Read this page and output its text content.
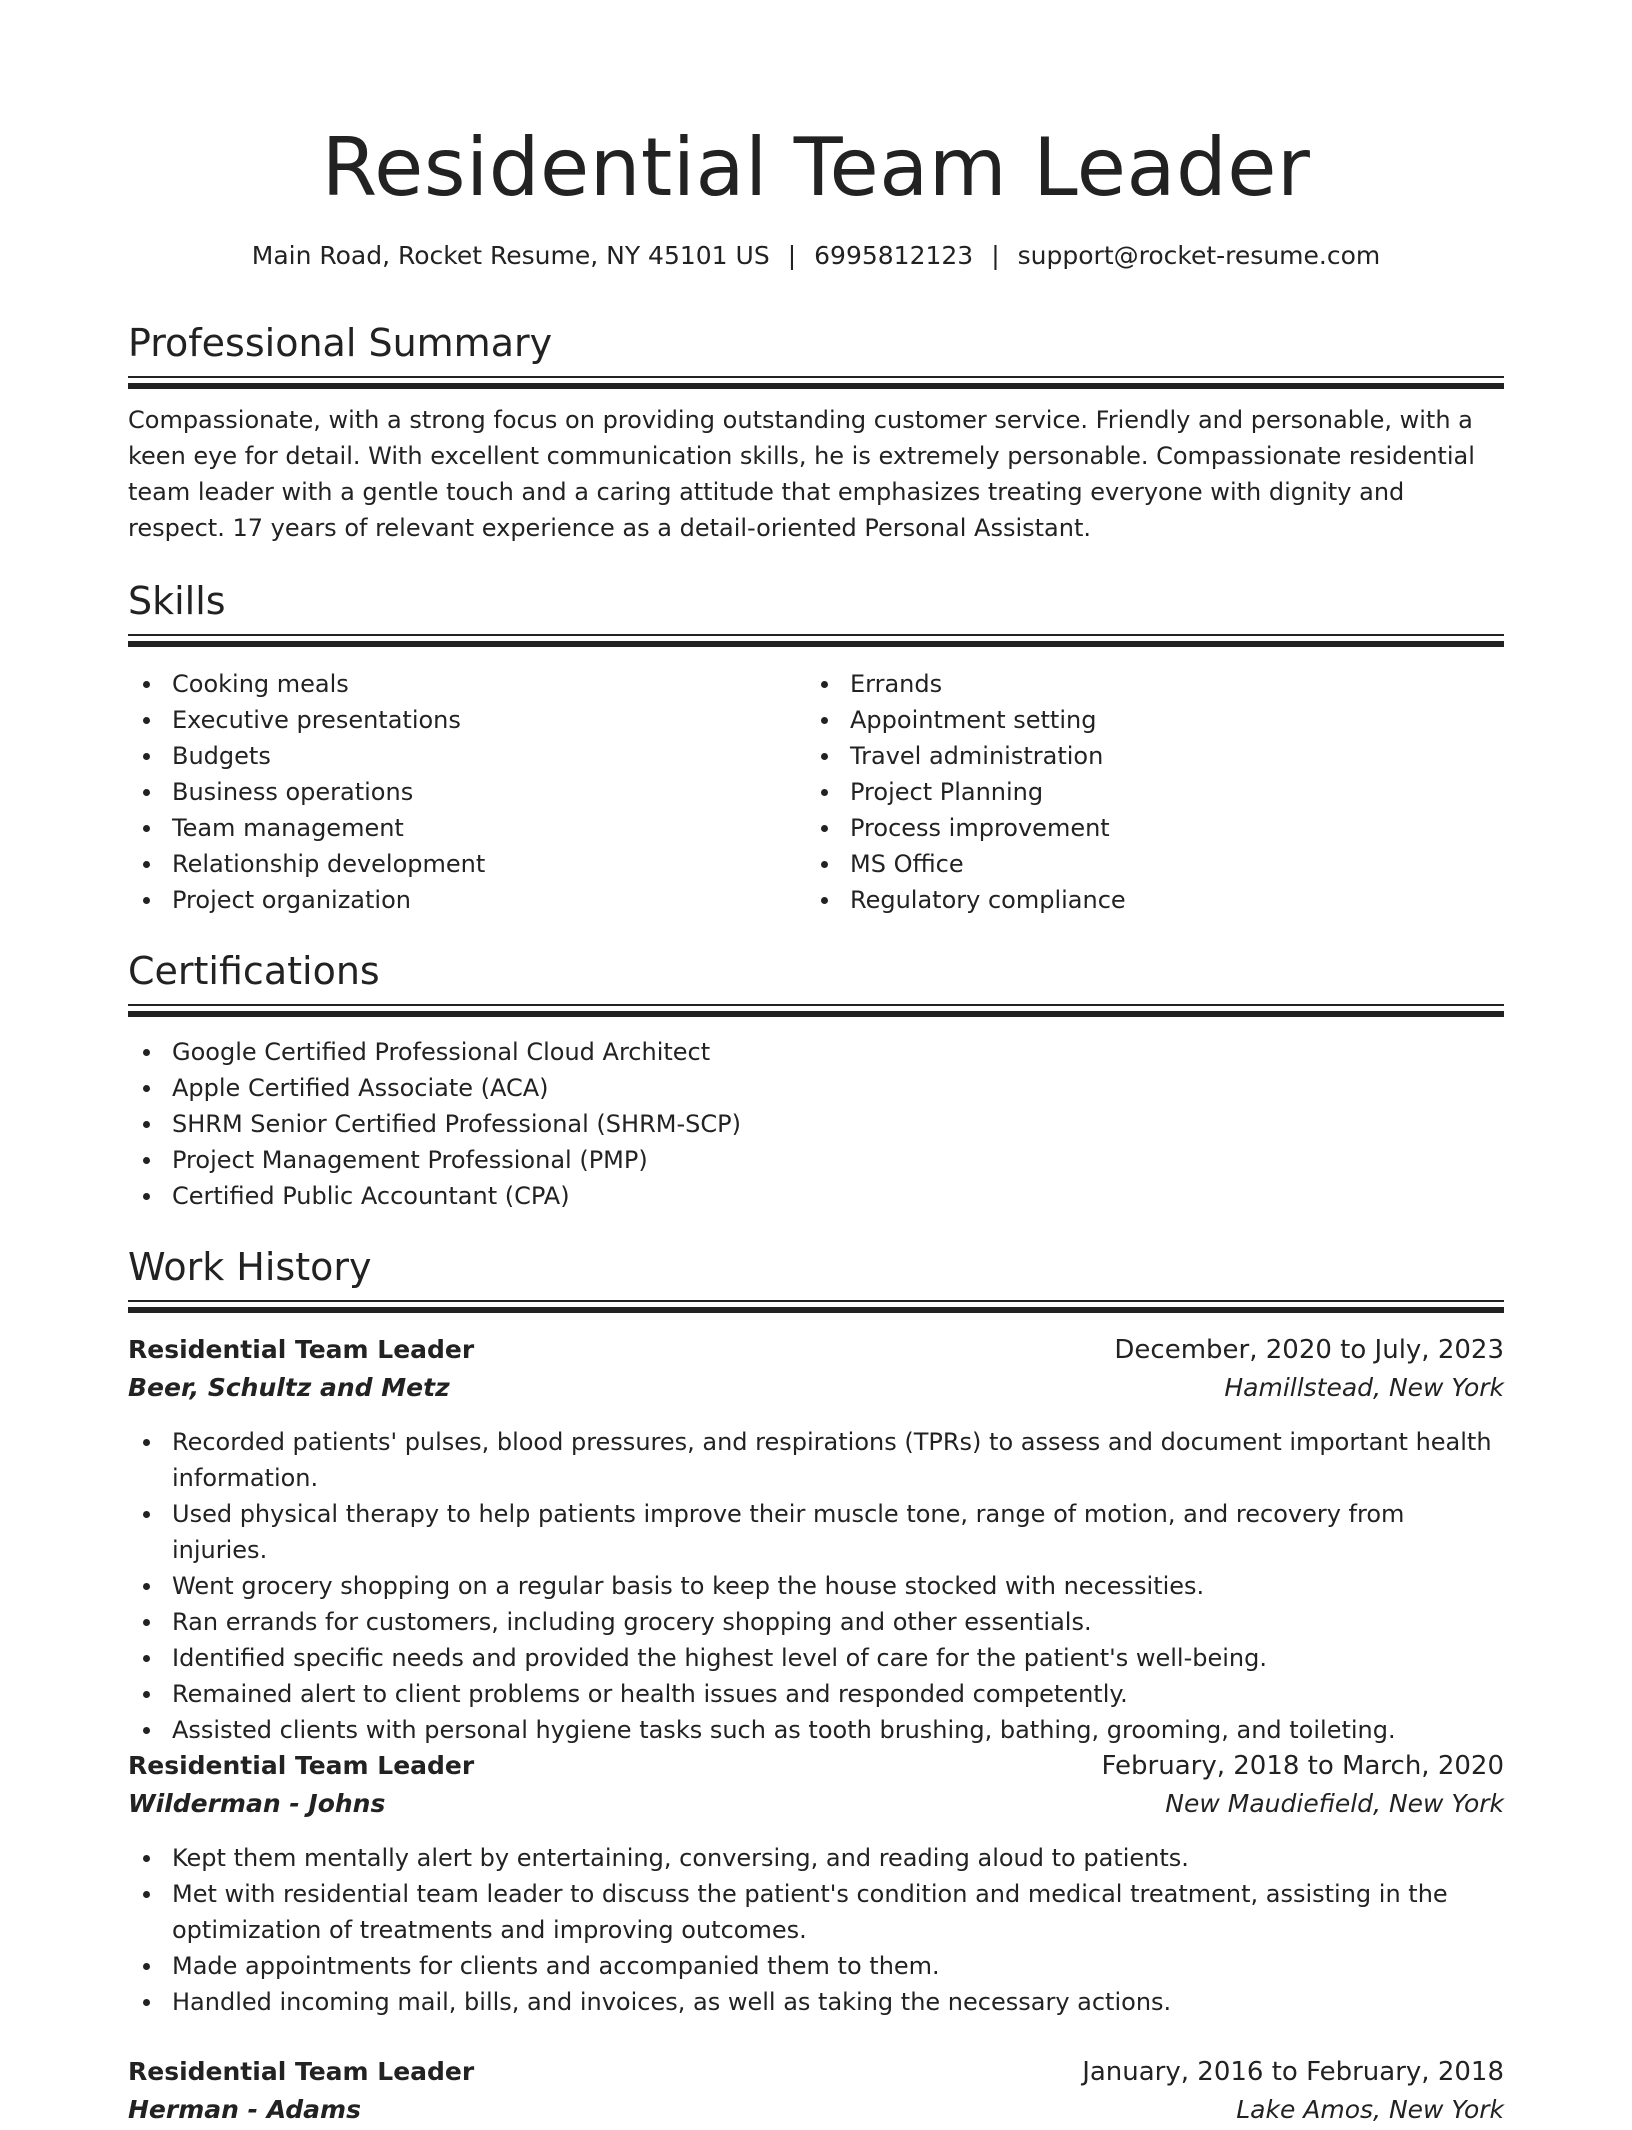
Residential Team Leader
Main Road, Rocket Resume, NY 45101 US | 6995812123 | support@rocket-resume.com
Professional Summary

Compassionate, with a strong focus on providing outstanding customer service. Friendly and personable, with a keen eye for detail. With excellent communication skills, he is extremely personable. Compassionate residential team leader with a gentle touch and a caring attitude that emphasizes treating everyone with dignity and respect. 17 years of relevant experience as a detail-oriented Personal Assistant.

Skills
Cooking meals
Executive presentations
Budgets
Business operations
Team management
Relationship development
Project organization
Errands
Appointment setting
Travel administration
Project Planning
Process improvement
MS Office
Regulatory compliance
Certifications
Google Certified Professional Cloud Architect
Apple Certified Associate (ACA)
SHRM Senior Certified Professional (SHRM-SCP)
Project Management Professional (PMP)
Certified Public Accountant (CPA)
Work History
Residential Team Leader	December, 2020 to July, 2023
Beer, Schultz and Metz	Hamillstead, New York
Recorded patients' pulses, blood pressures, and respirations (TPRs) to assess and document important health information.
Used physical therapy to help patients improve their muscle tone, range of motion, and recovery from injuries.
Went grocery shopping on a regular basis to keep the house stocked with necessities.
Ran errands for customers, including grocery shopping and other essentials.
Identified specific needs and provided the highest level of care for the patient's well-being.
Remained alert to client problems or health issues and responded competently.
Assisted clients with personal hygiene tasks such as tooth brushing, bathing, grooming, and toileting.
Residential Team Leader	February, 2018 to March, 2020
Wilderman - Johns	New Maudiefield, New York
Kept them mentally alert by entertaining, conversing, and reading aloud to patients.
Met with residential team leader to discuss the patient's condition and medical treatment, assisting in the optimization of treatments and improving outcomes.
Made appointments for clients and accompanied them to them.
Handled incoming mail, bills, and invoices, as well as taking the necessary actions.
Residential Team Leader	January, 2016 to February, 2018
Herman - Adams	Lake Amos, New York
